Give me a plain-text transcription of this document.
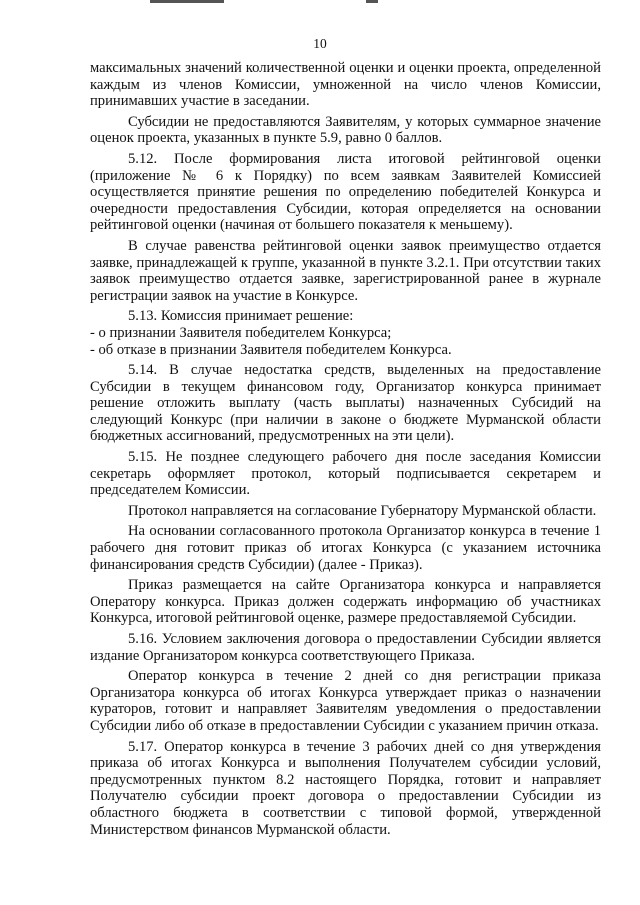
10

максимальных значений количественной оценки и оценки проекта, определенной каждым из членов Комиссии, умноженной на число членов Комиссии, принимавших участие в заседании.

Субсидии не предоставляются Заявителям, у которых суммарное значение оценок проекта, указанных в пункте 5.9, равно 0 баллов.

5.12. После формирования листа итоговой рейтинговой оценки (приложение № 6 к Порядку) по всем заявкам Заявителей Комиссией осуществляется принятие решения по определению победителей Конкурса и очередности предоставления Субсидии, которая определяется на основании рейтинговой оценки (начиная от большего показателя к меньшему).

В случае равенства рейтинговой оценки заявок преимущество отдается заявке, принадлежащей к группе, указанной в пункте 3.2.1. При отсутствии таких заявок преимущество отдается заявке, зарегистрированной ранее в журнале регистрации заявок на участие в Конкурсе.

5.13. Комиссия принимает решение:

- о признании Заявителя победителем Конкурса;

- об отказе в признании Заявителя победителем Конкурса.

5.14. В случае недостатка средств, выделенных на предоставление Субсидии в текущем финансовом году, Организатор конкурса принимает решение отложить выплату (часть выплаты) назначенных Субсидий на следующий Конкурс (при наличии в законе о бюджете Мурманской области бюджетных ассигнований, предусмотренных на эти цели).

5.15. Не позднее следующего рабочего дня после заседания Комиссии секретарь оформляет протокол, который подписывается секретарем и председателем Комиссии.

Протокол направляется на согласование Губернатору Мурманской области.

На основании согласованного протокола Организатор конкурса в течение 1 рабочего дня готовит приказ об итогах Конкурса (с указанием источника финансирования средств Субсидии) (далее - Приказ).

Приказ размещается на сайте Организатора конкурса и направляется Оператору конкурса. Приказ должен содержать информацию об участниках Конкурса, итоговой рейтинговой оценке, размере предоставляемой Субсидии.

5.16. Условием заключения договора о предоставлении Субсидии является издание Организатором конкурса соответствующего Приказа.

Оператор конкурса в течение 2 дней со дня регистрации приказа Организатора конкурса об итогах Конкурса утверждает приказ о назначении кураторов, готовит и направляет Заявителям уведомления о предоставлении Субсидии либо об отказе в предоставлении Субсидии с указанием причин отказа.

5.17. Оператор конкурса в течение 3 рабочих дней со дня утверждения приказа об итогах Конкурса и выполнения Получателем субсидии условий, предусмотренных пунктом 8.2 настоящего Порядка, готовит и направляет Получателю субсидии проект договора о предоставлении Субсидии из областного бюджета в соответствии с типовой формой, утвержденной Министерством финансов Мурманской области.
